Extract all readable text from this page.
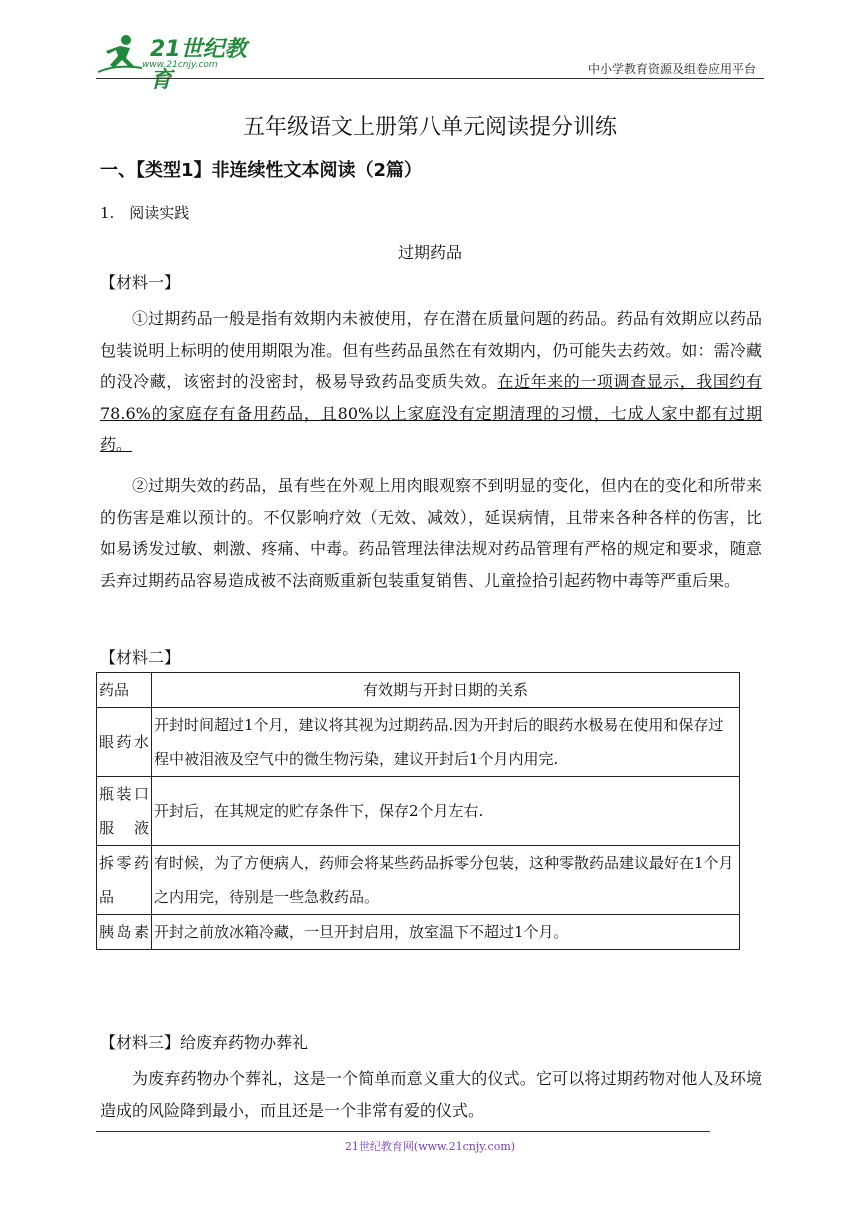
21世纪教育
www.21cnjy.com	中小学教育资源及组卷应用平台
五年级语文上册第八单元阅读提分训练
一、【类型1】非连续性文本阅读（2篇）
1.　阅读实践
过期药品
【材料一】
①过期药品一般是指有效期内未被使用，存在潜在质量问题的药品。药品有效期应以药品包装说明上标明的使用期限为准。但有些药品虽然在有效期内，仍可能失去药效。如：需冷藏的没冷藏，该密封的没密封，极易导致药品变质失效。在近年来的一项调查显示，我国约有78.6%的家庭存有备用药品，且80%以上家庭没有定期清理的习惯，七成人家中都有过期药。
②过期失效的药品，虽有些在外观上用肉眼观察不到明显的变化，但内在的变化和所带来的伤害是难以预计的。不仅影响疗效（无效、减效），延误病情，且带来各种各样的伤害，比如易诱发过敏、刺激、疼痛、中毒。药品管理法律法规对药品管理有严格的规定和要求，随意丢弃过期药品容易造成被不法商贩重新包装重复销售、儿童捡拾引起药物中毒等严重后果。
【材料二】
药品	有效期与开封日期的关系
眼药水	开封时间超过1个月，建议将其视为过期药品.因为开封后的眼药水极易在使用和保存过程中被泪液及空气中的微生物污染，建议开封后1个月内用完.
瓶装口服液	开封后，在其规定的贮存条件下，保存2个月左右.
拆零药品	有时候，为了方便病人，药师会将某些药品拆零分包装，这种零散药品建议最好在1个月之内用完，待别是一些急救药品。
胰岛素	开封之前放冰箱冷藏，一旦开封启用，放室温下不超过1个月。
【材料三】给废弃药物办葬礼
为废弃药物办个葬礼，这是一个简单而意义重大的仪式。它可以将过期药物对他人及环境造成的风险降到最小，而且还是一个非常有爱的仪式。
21世纪教育网(www.21cnjy.com)
